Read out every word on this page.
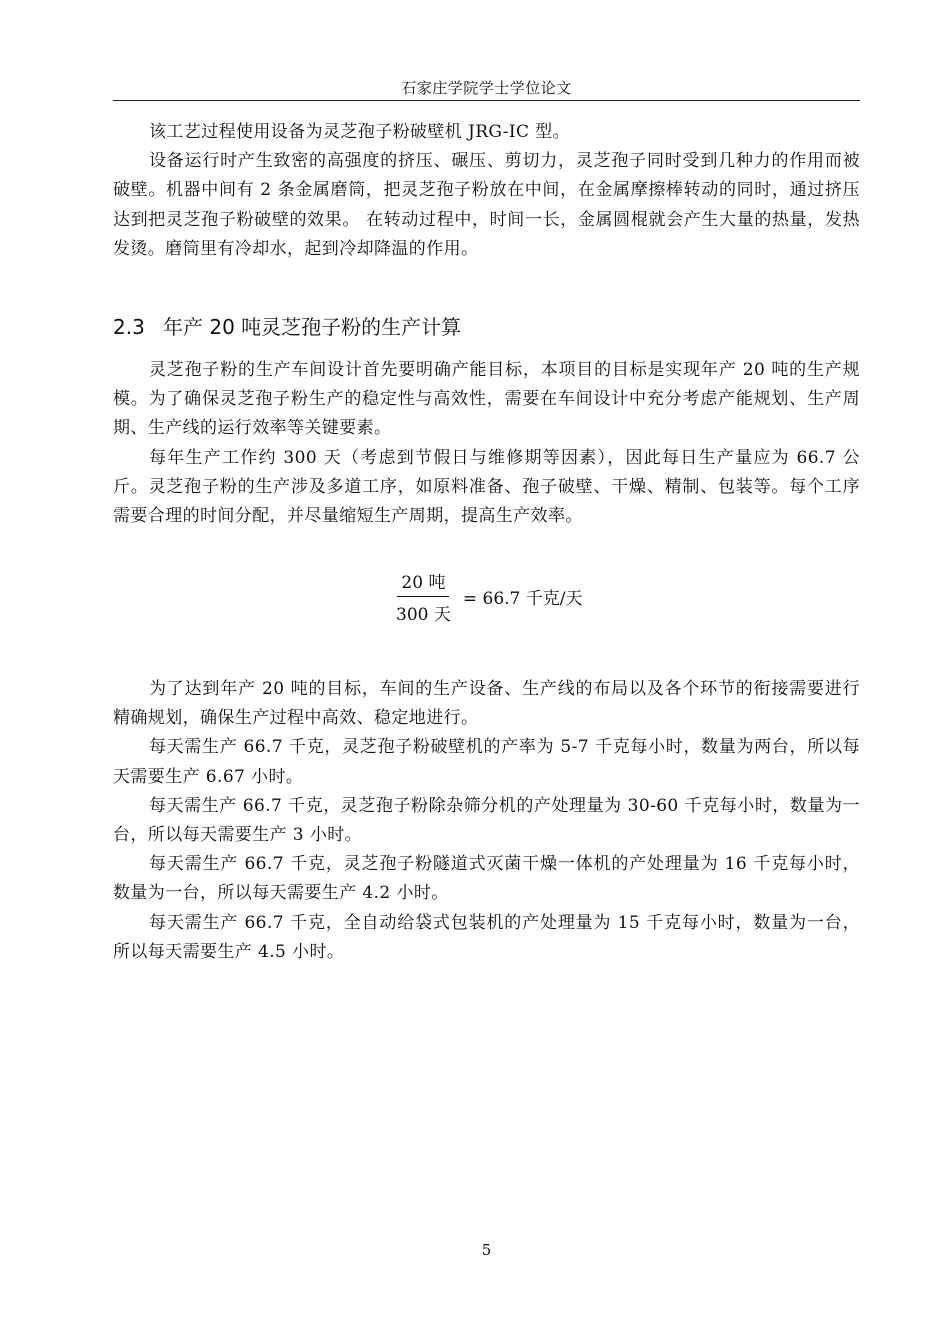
石家庄学院学士学位论文

该工艺过程使用设备为灵芝孢子粉破壁机 JRG-IC 型。

设备运行时产生致密的高强度的挤压、碾压、剪切力，灵芝孢子同时受到几种力的作用而被破壁。机器中间有 2 条金属磨筒，把灵芝孢子粉放在中间，在金属摩擦棒转动的同时，通过挤压达到把灵芝孢子粉破壁的效果。 在转动过程中，时间一长，金属圆棍就会产生大量的热量，发热发烫。磨筒里有冷却水，起到冷却降温的作用。

2.3 年产 20 吨灵芝孢子粉的生产计算

灵芝孢子粉的生产车间设计首先要明确产能目标，本项目的目标是实现年产 20 吨的生产规模。为了确保灵芝孢子粉生产的稳定性与高效性，需要在车间设计中充分考虑产能规划、生产周期、生产线的运行效率等关键要素。

每年生产工作约 300 天（考虑到节假日与维修期等因素），因此每日生产量应为 66.7 公斤。灵芝孢子粉的生产涉及多道工序，如原料准备、孢子破壁、干燥、精制、包装等。每个工序需要合理的时间分配，并尽量缩短生产周期，提高生产效率。

$\frac{\text{20 吨}}{\text{300 天}} = 66.7$ 千克/天

为了达到年产 20 吨的目标，车间的生产设备、生产线的布局以及各个环节的衔接需要进行精确规划，确保生产过程中高效、稳定地进行。

每天需生产 66.7 千克，灵芝孢子粉破壁机的产率为 5-7 千克每小时，数量为两台，所以每天需要生产 6.67 小时。

每天需生产 66.7 千克，灵芝孢子粉除杂筛分机的产处理量为 30-60 千克每小时，数量为一台，所以每天需要生产 3 小时。

每天需生产 66.7 千克，灵芝孢子粉隧道式灭菌干燥一体机的产处理量为 16 千克每小时，数量为一台，所以每天需要生产 4.2 小时。

每天需生产 66.7 千克，全自动给袋式包装机的产处理量为 15 千克每小时，数量为一台，所以每天需要生产 4.5 小时。

5
